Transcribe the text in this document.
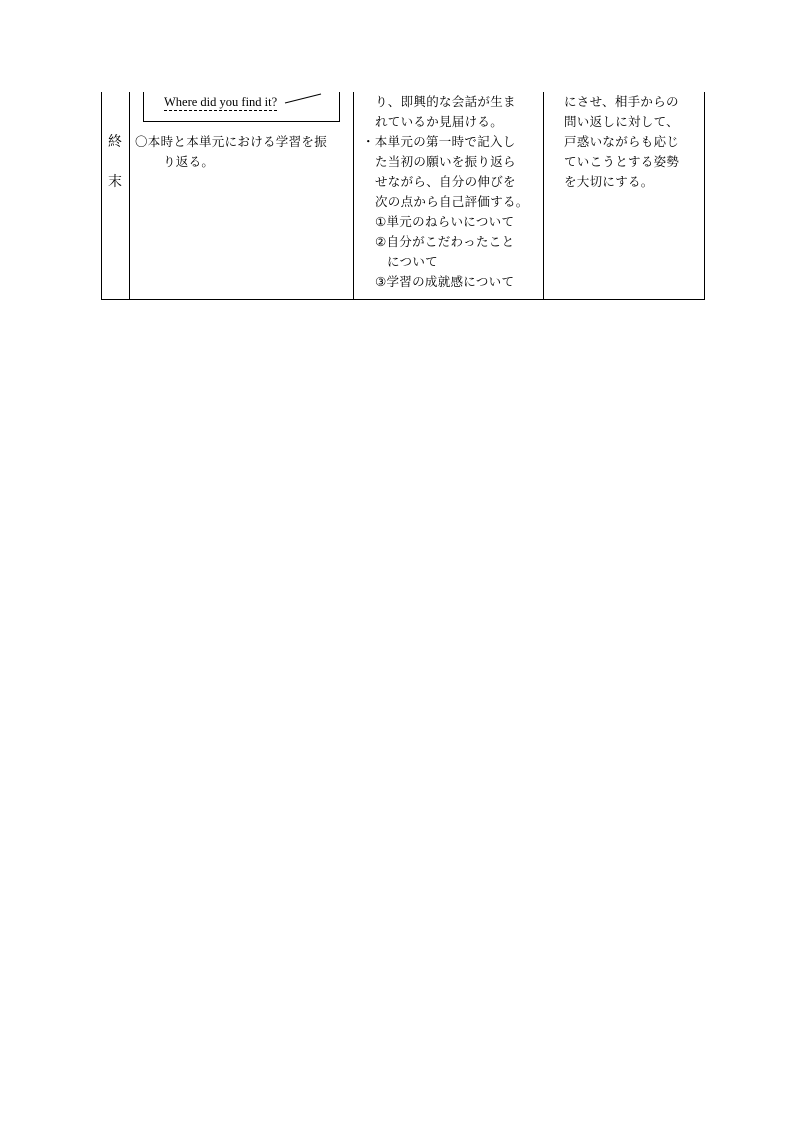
終
末
Where did you find it?
〇本時と本単元における学習を振
り返る。
り、即興的な会話が生ま
れているか見届ける。
・本単元の第一時で記入し
た当初の願いを振り返ら
せながら、自分の伸びを
次の点から自己評価する。
①単元のねらいについて
②自分がこだわったこと
について
③学習の成就感について
にさせ、相手からの
問い返しに対して、
戸惑いながらも応じ
ていこうとする姿勢
を大切にする。
